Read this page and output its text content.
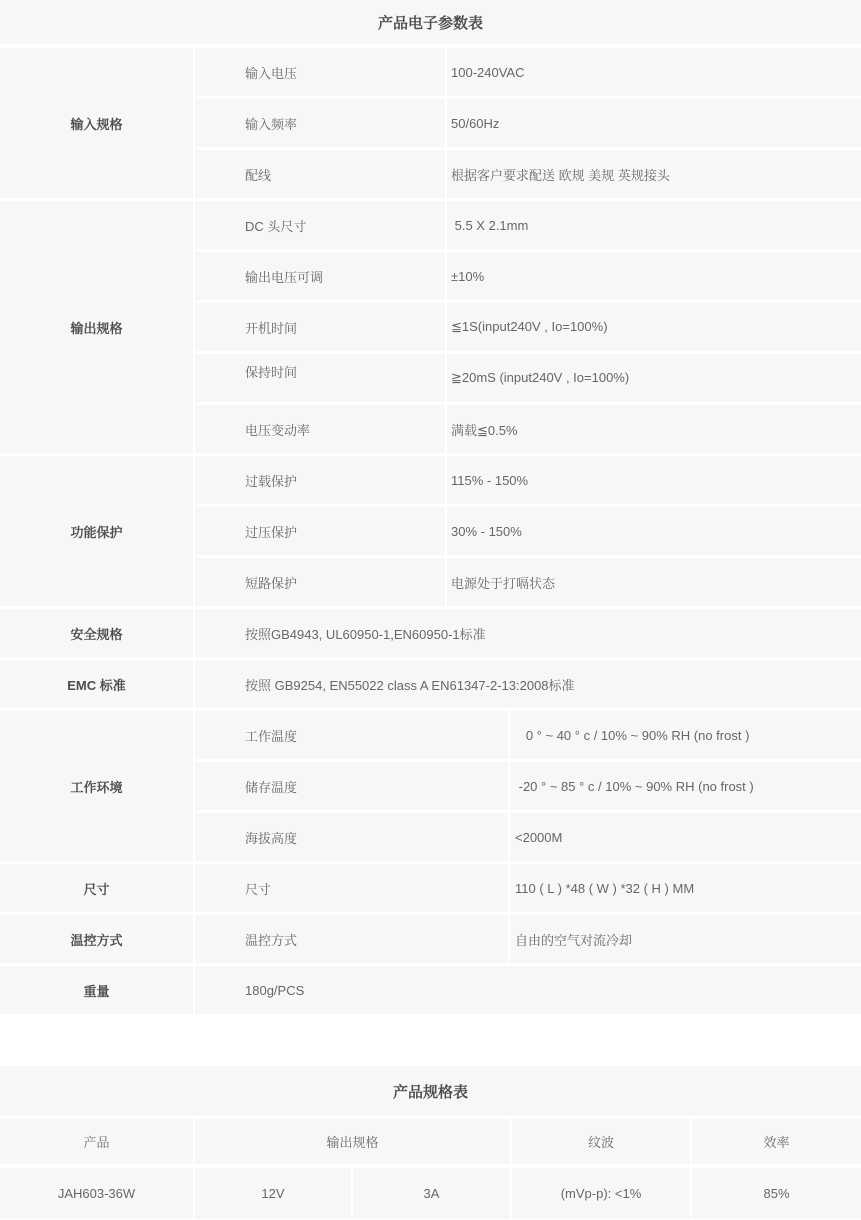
产品电子参数表
输入规格
输入电压	100-240VAC
输入频率	50/60Hz
配线	根据客户要求配送 欧规 美规 英规接头
输出规格
DC 头尺寸	5.5 X 2.1mm
输出电压可调	±10%
开机时间	≦1S(input240V , Io=100%)
保持时间	≧20mS (input240V , Io=100%)
电压变动率	满载≦0.5%
功能保护
过载保护	115% - 150%
过压保护	30% - 150%
短路保护	电源处于打嗝状态
安全规格	按照GB4943, UL60950-1,EN60950-1标准
EMC 标准	按照 GB9254, EN55022 class A EN61347-2-13:2008标准
工作环境
工作温度	0 ° ~ 40 ° c / 10% ~ 90% RH (no frost )
储存温度	-20 ° ~ 85 ° c / 10% ~ 90% RH (no frost )
海拔高度	<2000M
尺寸	尺寸	110 ( L ) *48 ( W ) *32 ( H ) MM
温控方式	温控方式	自由的空气对流冷却
重量	180g/PCS
产品规格表
产品	输出规格	纹波	效率
JAH603-36W	12V	3A	(mVp-p): <1%	85%
